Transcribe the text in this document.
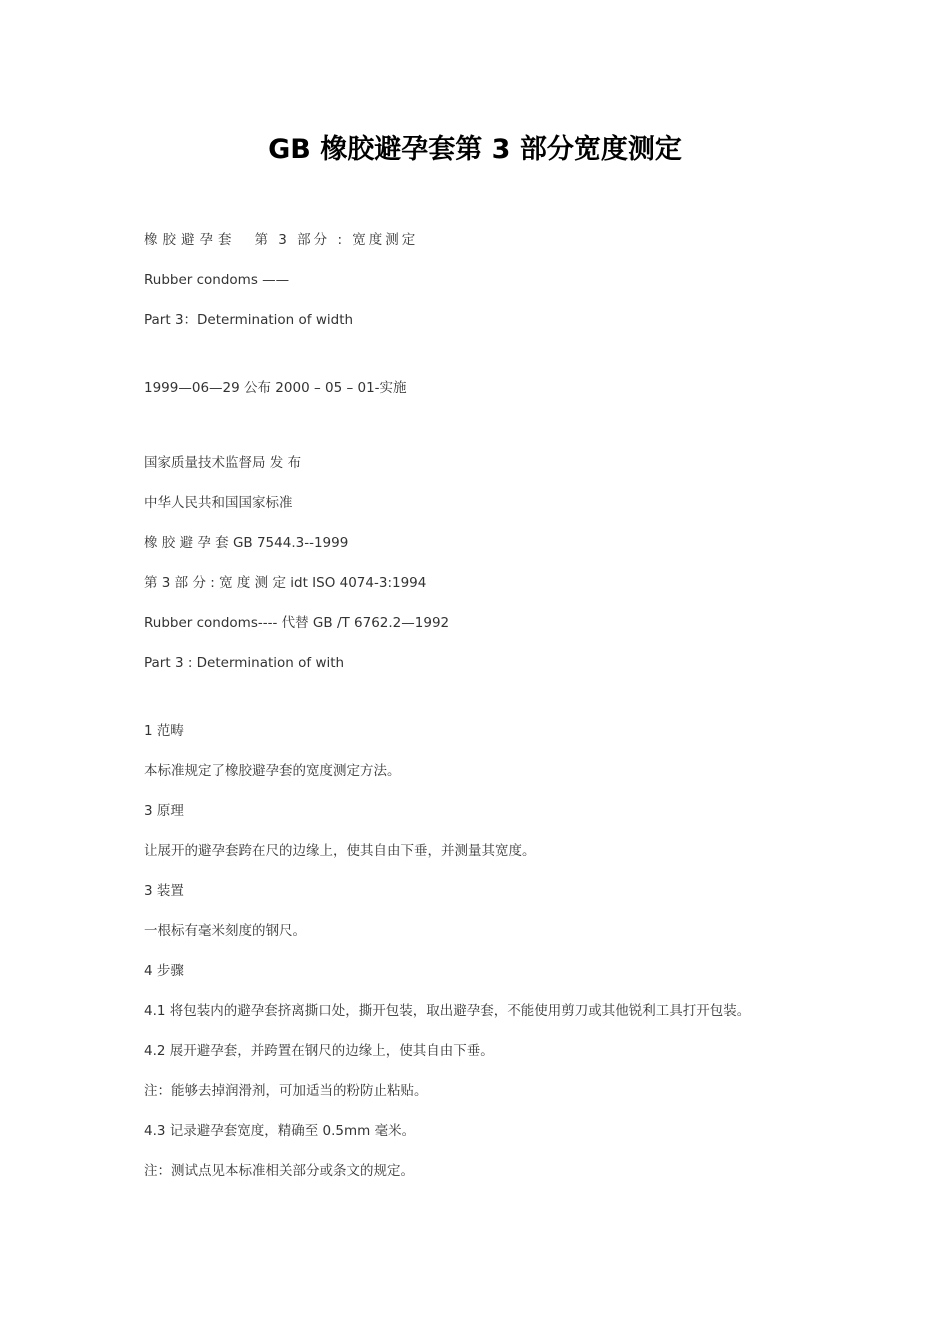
GB 橡胶避孕套第 3 部分宽度测定

橡胶避孕套 第 3 部分 : 宽度测定

Rubber condoms ——

Part 3：Determination of width

1999—06—29 公布 2000 – 05 – 01-实施

国家质量技术监督局 发 布

中华人民共和国国家标准

橡 胶 避 孕 套 GB 7544.3--1999

第 3 部 分 : 宽 度 测 定 idt ISO 4074-3:1994

Rubber condoms---- 代替 GB /T 6762.2—1992

Part 3 : Determination of with

1 范畴

本标准规定了橡胶避孕套的宽度测定方法。

3 原理

让展开的避孕套跨在尺的边缘上，使其自由下垂，并测量其宽度。

3 装置

一根标有毫米刻度的钢尺。

4 步骤

4.1 将包装内的避孕套挤离撕口处，撕开包装，取出避孕套，不能使用剪刀或其他锐利工具打开包装。

4.2 展开避孕套，并跨置在钢尺的边缘上，使其自由下垂。

注：能够去掉润滑剂，可加适当的粉防止粘贴。

4.3 记录避孕套宽度，精确至 0.5mm 毫米。

注：测试点见本标准相关部分或条文的规定。
